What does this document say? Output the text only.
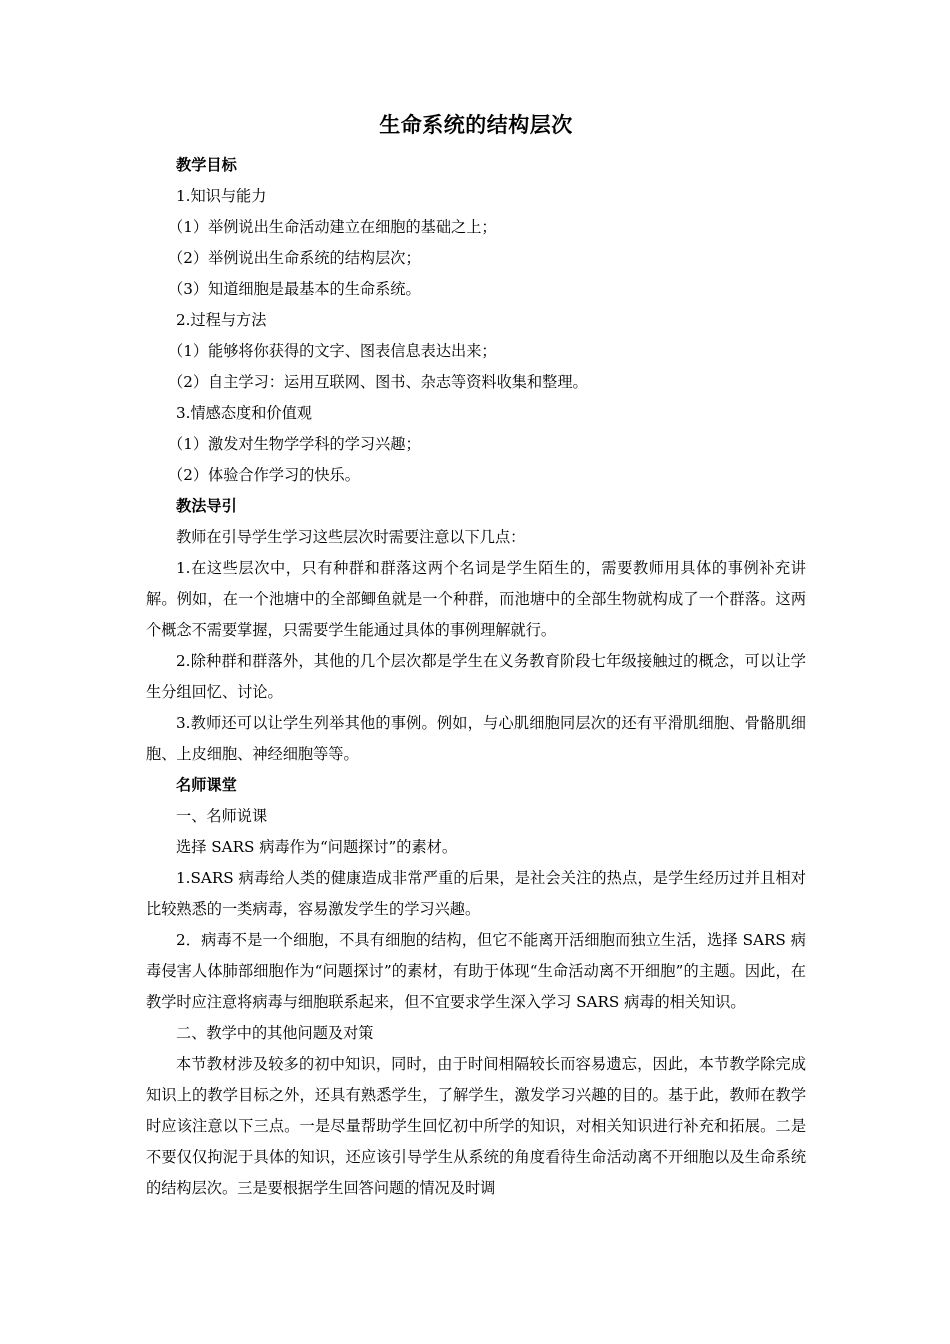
生命系统的结构层次
教学目标
1.知识与能力
（1）举例说出生命活动建立在细胞的基础之上；
（2）举例说出生命系统的结构层次；
（3）知道细胞是最基本的生命系统。
2.过程与方法
（1）能够将你获得的文字、图表信息表达出来；
（2）自主学习：运用互联网、图书、杂志等资料收集和整理。
3.情感态度和价值观
（1）激发对生物学学科的学习兴趣；
（2）体验合作学习的快乐。
教法导引
教师在引导学生学习这些层次时需要注意以下几点：

1.在这些层次中，只有种群和群落这两个名词是学生陌生的，需要教师用具体的事例补充讲解。例如，在一个池塘中的全部鲫鱼就是一个种群，而池塘中的全部生物就构成了一个群落。这两个概念不需要掌握，只需要学生能通过具体的事例理解就行。

2.除种群和群落外，其他的几个层次都是学生在义务教育阶段七年级接触过的概念，可以让学生分组回忆、讨论。

3.教师还可以让学生列举其他的事例。例如，与心肌细胞同层次的还有平滑肌细胞、骨骼肌细胞、上皮细胞、神经细胞等等。

名师课堂
一、名师说课
选择 SARS 病毒作为“问题探讨”的素材。

1.SARS 病毒给人类的健康造成非常严重的后果，是社会关注的热点，是学生经历过并且相对比较熟悉的一类病毒，容易激发学生的学习兴趣。

2．病毒不是一个细胞，不具有细胞的结构，但它不能离开活细胞而独立生活，选择 SARS 病毒侵害人体肺部细胞作为“问题探讨”的素材，有助于体现“生命活动离不开细胞”的主题。因此，在教学时应注意将病毒与细胞联系起来，但不宜要求学生深入学习 SARS 病毒的相关知识。

二、教学中的其他问题及对策

本节教材涉及较多的初中知识，同时，由于时间相隔较长而容易遗忘，因此，本节教学除完成知识上的教学目标之外，还具有熟悉学生，了解学生，激发学习兴趣的目的。基于此，教师在教学时应该注意以下三点。一是尽量帮助学生回忆初中所学的知识，对相关知识进行补充和拓展。二是不要仅仅拘泥于具体的知识，还应该引导学生从系统的角度看待生命活动离不开细胞以及生命系统的结构层次。三是要根据学生回答问题的情况及时调
